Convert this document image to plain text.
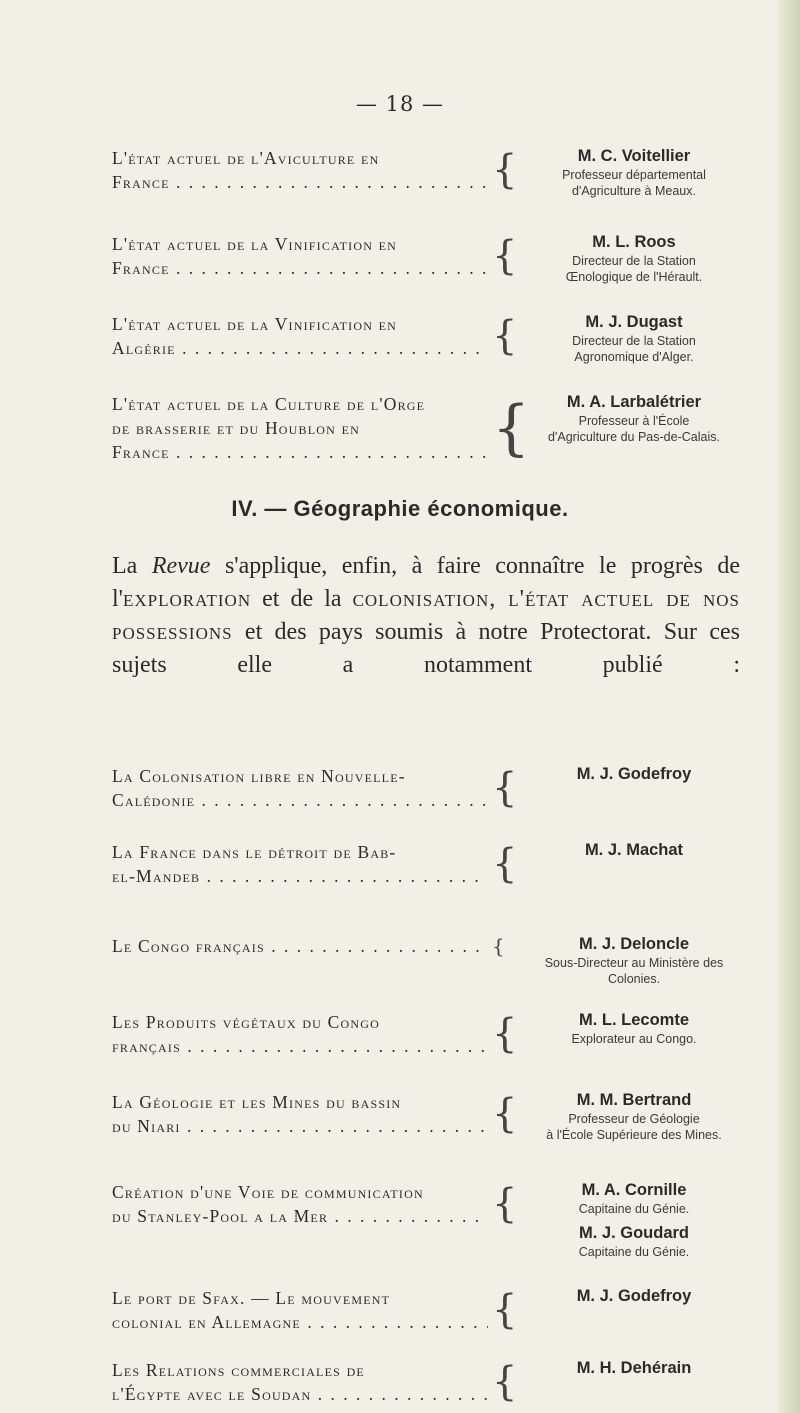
— 18 —
L'état actuel de l'Aviculture en
France . . .	{	M. C. Voitellier
Professeur départemental
d'Agriculture à Meaux.
L'état actuel de la Vinification en
France . . .	{	M. L. Roos
Directeur de la Station
Œnologique de l'Hérault.
L'état actuel de la Vinification en
Algérie . . .	{	M. J. Dugast
Directeur de la Station
Agronomique d'Alger.
L'état actuel de la Culture de l'Orge
de brasserie et du Houblon en
France . . .	{	M. A. Larbalétrier
Professeur à l'École
d'Agriculture du Pas-de-Calais.
IV. — Géographie économique.

La Revue s'applique, enfin, à faire connaître le progrès de l'exploration et de la colonisation, l'état actuel de nos possessions et des pays soumis à notre Protectorat. Sur ces sujets elle a notamment publié :

La Colonisation libre en Nouvelle-
Calédonie . . .	{	M. J. Godefroy
La France dans le détroit de Bab-
el-Mandeb . . .	{	M. J. Machat
Le Congo français . . .	{	M. J. Deloncle
Sous-Directeur au Ministère des
Colonies.
Les Produits végétaux du Congo
français . . .	{	M. L. Lecomte
Explorateur au Congo.
La Géologie et les Mines du bassin
du Niari . . .	{	M. M. Bertrand
Professeur de Géologie
à l'École Supérieure des Mines.
Création d'une Voie de communication
du Stanley-Pool a la Mer . . .	{	M. A. Cornille
Capitaine du Génie.
M. J. Goudard
Capitaine du Génie.
Le port de Sfax. — Le mouvement
colonial en Allemagne . . .	{	M. J. Godefroy
Les Relations commerciales de
l'Égypte avec le Soudan . . .	{	M. H. Dehérain
